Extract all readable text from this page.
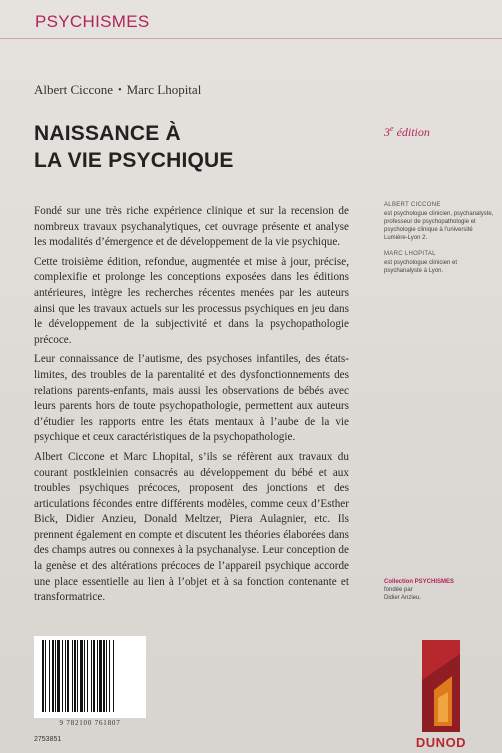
PSYCHISMES
Albert Ciccone • Marc Lhopital
NAISSANCE À
LA VIE PSYCHIQUE
3e édition

Fondé sur une très riche expérience clinique et sur la recension de nombreux travaux psychanalytiques, cet ouvrage présente et analyse les modalités d’émergence et de développement de la vie psychique.

Cette troisième édition, refondue, augmentée et mise à jour, précise, complexifie et prolonge les conceptions exposées dans les éditions antérieures, intègre les recherches récentes menées par les auteurs ainsi que les travaux actuels sur les processus psychiques en jeu dans le développement de la subjectivité et dans la psychopathologie précoce.

Leur connaissance de l’autisme, des psychoses infantiles, des états-limites, des troubles de la parentalité et des dysfonctionnements des relations parents-enfants, mais aussi les observations de bébés avec leurs parents hors de toute psychopathologie, permettent aux auteurs d’étudier les rapports entre les états mentaux à l’aube de la vie psychique et ceux caractéristiques de la psychopathologie.

Albert Ciccone et Marc Lhopital, s’ils se réfèrent aux travaux du courant postkleinien consacrés au développement du bébé et aux troubles psychiques précoces, proposent des jonctions et des articulations fécondes entre différents modèles, comme ceux d’Esther Bick, Didier Anzieu, Donald Meltzer, Piera Aulagnier, etc. Ils prennent également en compte et discutent les théories élaborées dans des champs autres ou connexes à la psychanalyse. Leur conception de la genèse et des altérations précoces de l’appareil psychique accorde une place essentielle au lien à l’objet et à sa fonction contenante et transformatrice.

ALBERT CICCONE
est psychologue clinicien, psychanalyste, professeur de psychopathologie et psychologie clinique à l’université Lumière-Lyon 2.
MARC LHOPITAL
est psychologue clinicien et psychanalyste à Lyon.
Collection PSYCHISMES
fondée par
Didier Anzieu.
9 782100 761807
2753851	DUNOD
